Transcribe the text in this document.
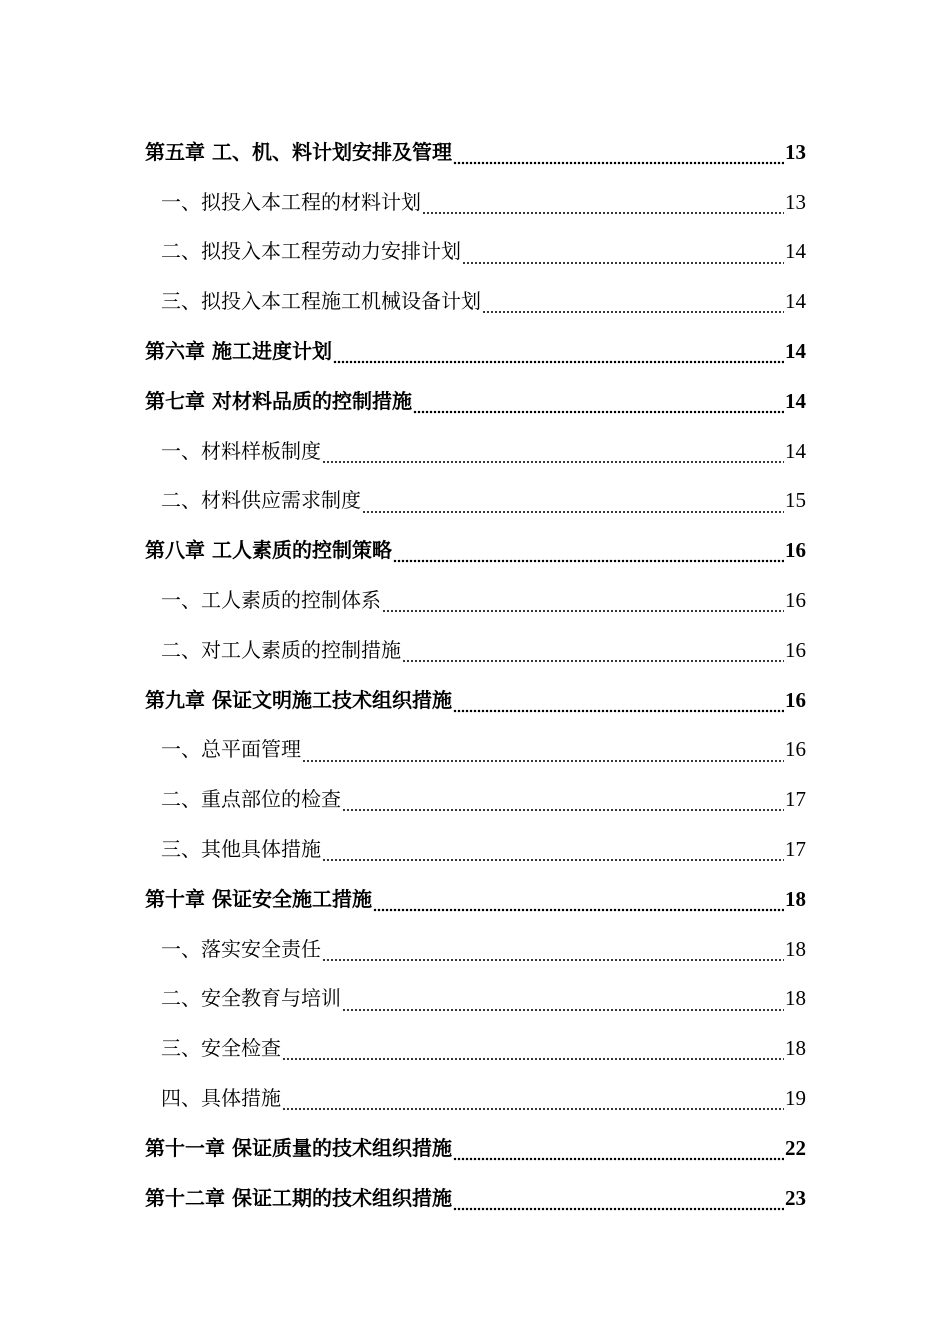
第五章 工、机、料计划安排及管理	13
一、拟投入本工程的材料计划	13
二、拟投入本工程劳动力安排计划	14
三、拟投入本工程施工机械设备计划	14
第六章 施工进度计划	14
第七章 对材料品质的控制措施	14
一、材料样板制度	14
二、材料供应需求制度	15
第八章 工人素质的控制策略	16
一、工人素质的控制体系	16
二、对工人素质的控制措施	16
第九章 保证文明施工技术组织措施	16
一、总平面管理	16
二、重点部位的检查	17
三、其他具体措施	17
第十章 保证安全施工措施	18
一、落实安全责任	18
二、安全教育与培训	18
三、安全检查	18
四、具体措施	19
第十一章 保证质量的技术组织措施	22
第十二章 保证工期的技术组织措施	23
